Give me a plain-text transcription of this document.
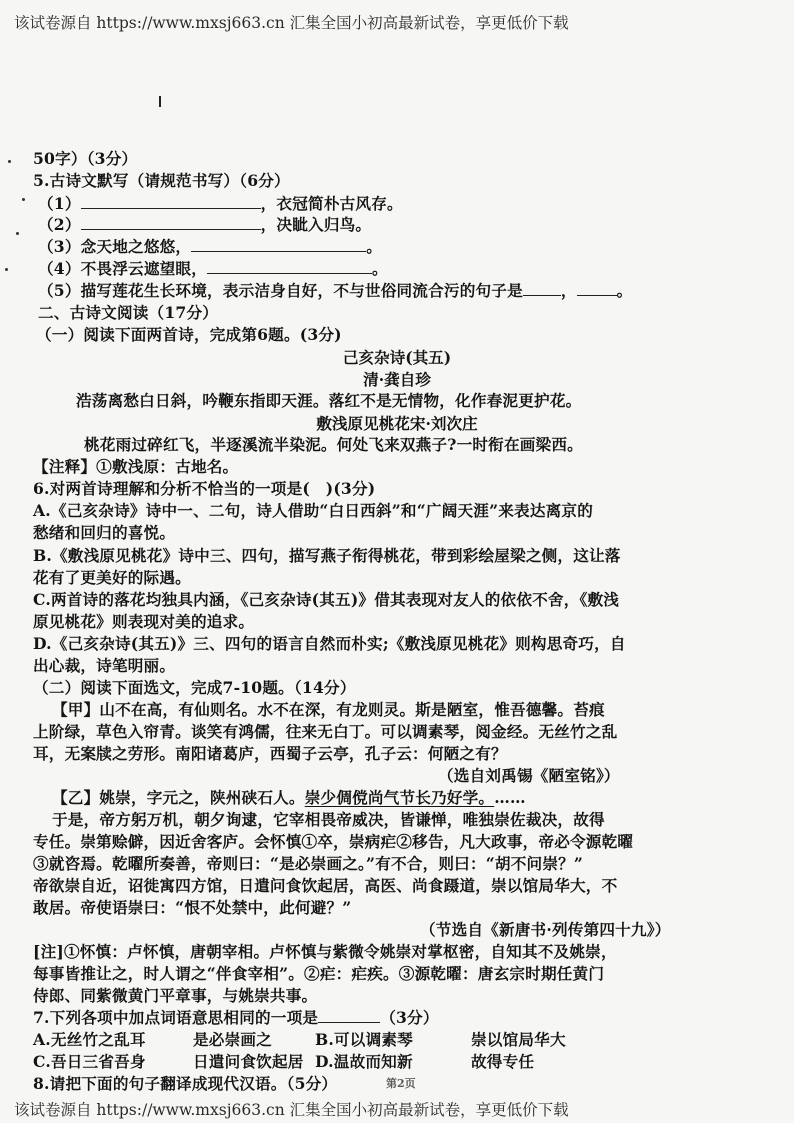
该试卷源自 https://www.mxsj663.cn 汇集全国小初高最新试卷，享更低价下载
50字）（3分）
5.古诗文默写（请规范书写）（6分）
（1）	，衣冠简朴古风存。
（2）	，决眦入归鸟。
（3）念天地之悠悠，	。
（4）不畏浮云遮望眼，	。
（5）描写莲花生长环境，表示洁身自好，不与世俗同流合污的句子是 ，	。
二、古诗文阅读（17分）
（一）阅读下面两首诗，完成第6题。(3分)
己亥杂诗(其五)
清·龚自珍
浩荡离愁白日斜，吟鞭东指即天涯。落红不是无情物，化作春泥更护花。
敷浅原见桃花宋·刘次庄
桃花雨过碎红飞，半逐溪流半染泥。何处飞来双燕子?一时衔在画梁西。
【注释】①敷浅原：古地名。
6.对两首诗理解和分析不恰当的一项是(　)(3分)
A.《己亥杂诗》诗中一、二句，诗人借助“白日西斜”和“广阔天涯”来表达离京的
愁绪和回归的喜悦。
B.《敷浅原见桃花》诗中三、四句，描写燕子衔得桃花，带到彩绘屋梁之侧，这让落
花有了更美好的际遇。
C.两首诗的落花均独具内涵，《己亥杂诗(其五)》借其表现对友人的依依不舍，《敷浅
原见桃花》则表现对美的追求。
D.《己亥杂诗(其五)》三、四句的语言自然而朴实;《敷浅原见桃花》则构思奇巧，自
出心裁，诗笔明丽。
（二）阅读下面选文，完成7-10题。（14分）
【甲】山不在高，有仙则名。水不在深，有龙则灵。斯是陋室，惟吾德馨。苔痕
上阶绿，草色入帘青。谈笑有鸿儒，往来无白丁。可以调素琴，阅金经。无丝竹之乱
耳，无案牍之劳形。南阳诸葛庐，西蜀子云亭，孔子云：何陋之有？
（选自刘禹锡《陋室铭》）
【乙】姚崇，字元之，陕州硖石人。崇少倜傥尚气节长乃好学。……
于是，帝方躬万机，朝夕询逮，它宰相畏帝威决，皆谦惮，唯独崇佐裁决，故得
专任。崇第赊僻，因近舍客庐。会怀慎①卒，崇病疟②移告，凡大政事，帝必令源乾曜
③就咨焉。乾曜所奏善，帝则曰：“是必崇画之。”有不合，则曰：“胡不问崇？”
帝欲崇自近，诏徙寓四方馆，日遣问食饮起居，高医、尚食蹑道，崇以馆局华大，不
敢居。帝使语崇曰：“恨不处禁中，此何避？”
（节选自《新唐书·列传第四十九》）
[注]①怀慎：卢怀慎，唐朝宰相。卢怀慎与紫微令姚崇对掌枢密，自知其不及姚崇，
每事皆推让之，时人谓之“伴食宰相”。②疟：疟疾。③源乾曜：唐玄宗时期任黄门
侍郎、同紫微黄门平章事，与姚崇共事。
7.下列各项中加点词语意思相同的一项是	（3分）
A.无丝竹之乱耳	是必崇画之	B.可以调素琴	崇以馆局华大
C.吾日三省吾身	日遣问食饮起居 D.温故而知新	故得专任
8.请把下面的句子翻译成现代汉语。（5分）	第2页
该试卷源自 https://www.mxsj663.cn 汇集全国小初高最新试卷，享更低价下载
